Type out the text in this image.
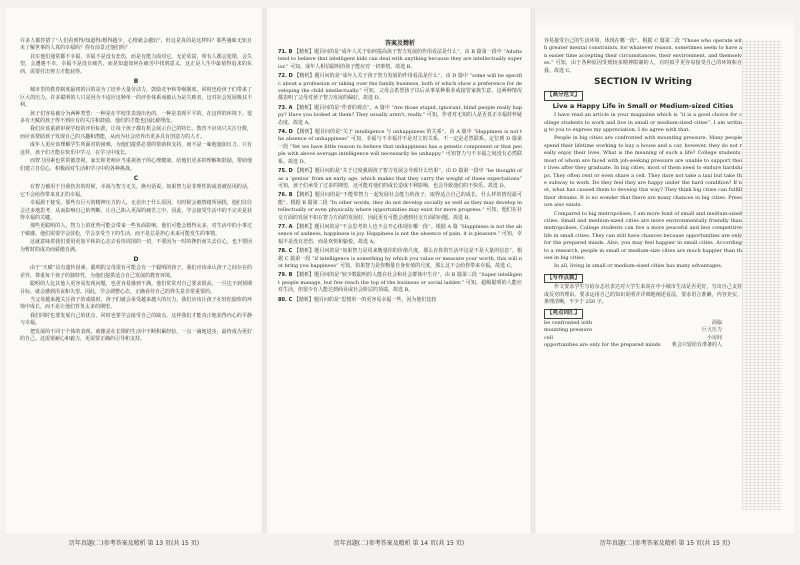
许多人都答错了“人们看到得/知道得/想得越少，心情就会越好”，但这是真的是这样吗？那些愚昧无知且未了解世事的人真的幸福吗？你有前景过他们吗？

其实他们通常都不幸福，幸福不是没有悲伤，而是有能力面对它。无论贫富，所有人都会犯错，会失望，会遭遇不幸。幸福不是没有痛苦，而是知道如何在痛苦中找到意义，这正是人生中最值得追求的东西，需要付出努力才能获得。

B

城市里的教育制度最初的目的是为了培养大量劳动力，鼓励竞争和等级制度，同时也给孩子们带来了巨大的压力。许多聪明的人只是因为不适应这种单一的评价体系而被认为是失败者，这对社会发展极其不利。

孩子们容易被分为两种类型：一种是在学校里表现出色的，一种是表现平平的。在这样的环境下，很多有天赋的孩子得不到应有的关注和鼓励，他们的才能也因此被埋没。

我们应该重新审视学校的评价标准，让每个孩子都有机会展示自己的特长。教育不应该只关注分数，而应该帮助孩子发现自己的兴趣和潜能，从而为社会培养出更多具有创造力的人才。

成年人更应该理解学生所面对的困难，为他们提供必要的帮助和支持，而不是一味地施加压力。只有这样，孩子们才能在快乐中学习，在学习中成长。

而智力因素也常常被忽视，家长和老师应当重视孩子的心理健康，给他们更多的理解和鼓励，帮助他们建立自信心，积极面对生活和学习中的各种挑战。

C

在智力被用于自我伤害的时候，幸福与智力无关，换句话说，如果智力是非理性的或者被误用的话，它不会给你带来真正的幸福。

幸福源于接受。那些有巨大的精神压力的人，无论出于什么原因，有时候会被情绪所困扰，他们往往会过多地思考，从而影响自己的判断，让自己陷入更深的痛苦之中。因此，学会接受生活中的不完美是获得幸福的关键。

那些更聪明的人，智力上的优势可能会带来一些负面影响。他们可能会想得太多，对生活中的小事过于敏感。他们需要学会放松，学会享受当下的生活，而不是总是担心未来可能发生的事情。

这就意味着我们要用更加平和的心态去看待周围的一切，不要因为一时的挫折而失去信心，也不要因为暂时的成功而骄傲自满。

D

由于“天赋”具有遗传因素，聪明的父母很有可能会有一个聪明的孩子。我们应该承认孩子之间存在的差异，尊重每个孩子的独特性，为他们提供适合自己发展的教育环境。

聪明的人比其他人更容易发现问题，也更容易感到不满。他们常常对自己要求很高，一旦达不到预期目标，就会感到沮丧和失望。因此，学会调整心态，正确看待自己的得失是非常重要的。

当父母越来越关注孩子的成绩时，孩子们就会承受越来越大的压力。我们应该让孩子在轻松愉快的环境中成长，而不是让他们背负太多的期望。

我们同时也要发展自己的优点，同时也要学会接受自己的缺点，这样我们才能真正地获得内心的平静与幸福。

把发展的不同于个体的表现，就像是在长期的生活中不断积累经验，一点一滴地进步，最终成为更好的自己。这需要耐心和毅力，更需要正确的引导和支持。

答案及精析
71. B 【精析】题目问的是“成年人关于如何提高孩子智力发展的作用看法是什么”，由 B 篇第一段中 “Adults tend to believe that intelligent kids can deal with anything because they are intellectually superior.” 可知，成年人相信聪明的孩子能应对一切事情。故选 B。
72. D 【精析】题目问的是“成年人关于孩子智力发展的作用看法是什么”。由 D 篇中 “some will be specific about a profession or taking over the family business, both of which show a preference for developing the child intellectually.” 可知，父母会希望孩子以后从事某种职业或接管家族生意，这两种情况都表明了父母对孩子智力发展的偏好。故选 D。
73. A 【精析】题目问的是“作者的观点”。A 篇中 “Are those stupid, ignorant, blind people really happy? Have you looked at them? They usually aren't, really.” 可知，作者对无知的人是否真正幸福持怀疑态度。故选 A。
74. D 【精析】题目问的是“关于 intelligence 与 unhappiness 的关系”，由 A 篇中 “Happiness is not the absence of unhappiness” 可知，幸福与不幸福并不是对立的关系，不一定是必然联系。定位到 D 篇第一段 “Yet we have little reason to believe that unhappiness has a genetic component or that people with above average intelligence will necessarily be unhappy.” 可知智力与不幸福之间没有必然联系。故选 D。
75. D 【精析】题目问的是“关于过度强调孩子智力发展会导致什么结果”。由 D 篇第一段中 “be thought of as a 'genius' from an early age, which makes that they carry the weight of these expectations” 可知，孩子们承受了过多的期望，这可能对他们的成长造成不利影响，也会导致他们的不快乐。故选 D。
76. B 【精析】题目问的是“不能带智力一起发展社会能力的孩子，取得适合自己的成长，什么样的情况最可能”。根据 B 篇第二段 “In other words, they do not develop socially as well as they may develop intellectually or even physically where opportunities may exist for more progress.” 可知，他们在社交方面的发展不如在智力方面的发展好，因此更有可能会遇到社交方面的问题。故选 B。
77. A 【精析】题目问的是“不会思考的人也不会开心体现在哪一段”。根据 A 篇 “Happiness is not the absence of sadness, happiness is joy. Happiness is not the absence of pain, it is pleasure.” 可知，幸福不是没有悲伤，而是欢快和愉悦。故选 A。
78. C 【精析】题目问的是“如果智力是用来衡量你的价值尺度，那么在你的生活中这是不是大量的信息”。根据 C 篇第一段 “if intelligence is something by which you value or measure your worth, this will not bring you happiness” 可知，如果智力是你衡量自身价值的尺度，那么这不会给你带来幸福。故选 C。
79. B 【精析】题目问的是“较少数聪明的人能在社会和社会群体中生存”，由 B 篇第三段 “Super intelligent people manage, but few reach the top of the business or social ladder.” 可知，超级聪明的人能应对生活，但很少有人能达到商业或社会阶层的顶端。故选 B。
80. C 【精析】题目问的是“思想单一的更容易幸福一些，因为他们比较

容易接受自己的生活环境，体现在哪一段”。根据 C 篇第二段 “Those who operate with greater mental constraints, for whatever reason, sometimes seem to have an easier time accepting their circumstances, their environment, and themselves.” 可知，由于各种原因受到较多精神限制的人，有时似乎更容易接受自己的环境和自我。故选 C。

SECTION IV Writing
【高分范文】
Live a Happy Life in Small or Medium-sized Cities

I have read an article in your magazine which is “it is a good choice for college students to work and live in small or medium-sized cities”. I am writing to you to express my appreciation. I do agree with that.

People in big cities are confronted with mounting pressure. Many people spend their lifetime working to buy a house and a car, however, they do not really enjoy their lives. What is the meaning of such a life? College students, most of whom are faced with job-seeking pressure are unable to support their lives after they graduate. In big cities, most of them need to endure hardships. They often rent or even share a cell. They dare not take a taxi but take the subway to work. Do they feel they are happy under the hard condition? If not, what has caused them to develop this way? They think big cities can fulfill their dreams. It is no wonder that there are many chances in big cities. Pressure also exists.

Compared to big metropolises, I am more fond of small and medium-sized cities. Small and medium-sized cities are more environmentally friendly than metropolises. College students can live a more peaceful and less competitive life in small cities. They can still have chances because opportunities are only for the prepared minds. Also, you may feel happier in small cities. According to a research, people in small or medium-size cities are much happier than those in big cities.

In all, living in small or medium-sized cities has many advantages.

【写作点拨】

作文要求学生写给杂志社表达对大学生来说在中小城市生活是否更好，写出自己支持或反对的理由。要求运用自己的知识说明并详细地阐述看法，要求语言准确，内容充实，条理清晰，不少于 250 字。

【亮点词汇】
be confronted with	面临
mounting pressure	巨大压力
cell	小房间
opportunities are only for the prepared minds 机会只留给有准备的人
历年真题(二)参考答案及精析 第 13 页(共 15 页)	历年真题(二)参考答案及精析 第 14 页(共 15 页)	历年真题(二)参考答案及精析 第 15 页(共 15 页)
